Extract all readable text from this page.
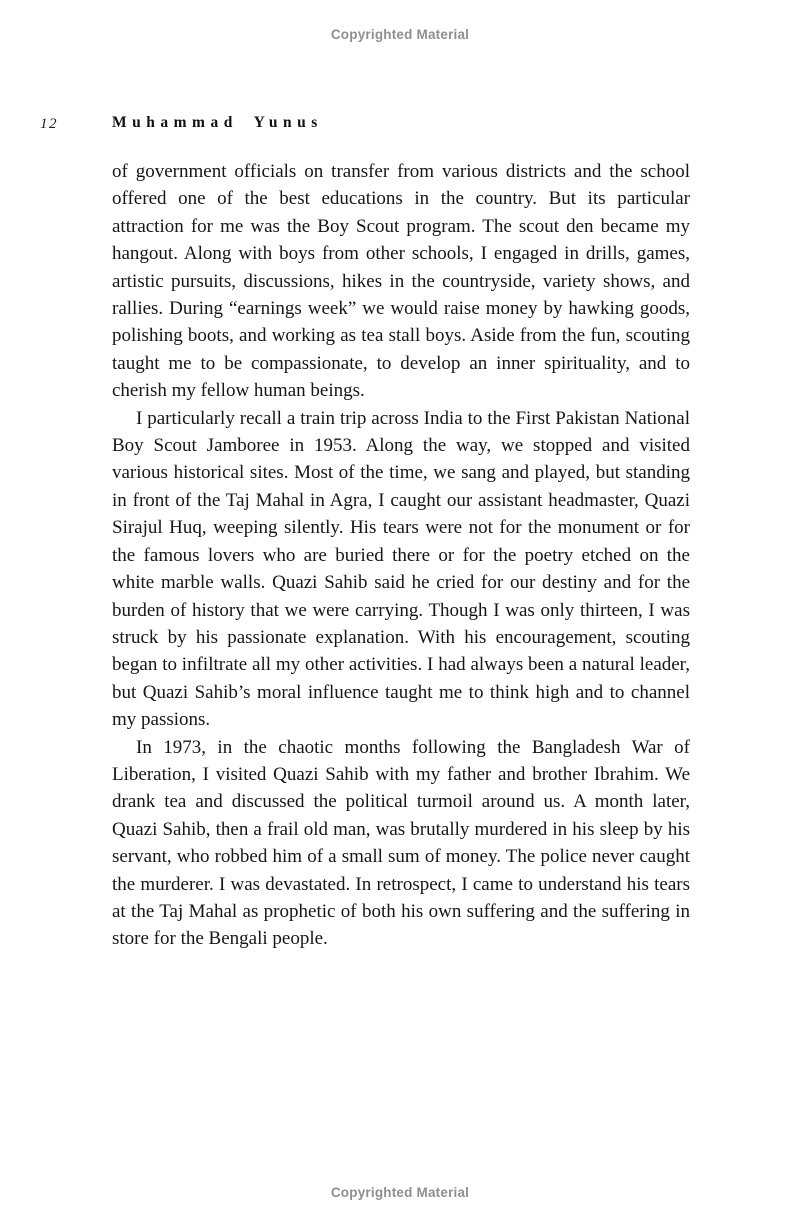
Copyrighted Material
12	Muhammad Yunus

of government officials on transfer from various districts and the school offered one of the best educations in the country. But its particular attraction for me was the Boy Scout program. The scout den became my hangout. Along with boys from other schools, I engaged in drills, games, artistic pursuits, discussions, hikes in the countryside, variety shows, and rallies. During “earnings week” we would raise money by hawking goods, polishing boots, and working as tea stall boys. Aside from the fun, scouting taught me to be compassionate, to develop an inner spirituality, and to cherish my fellow human beings.

I particularly recall a train trip across India to the First Pakistan National Boy Scout Jamboree in 1953. Along the way, we stopped and visited various historical sites. Most of the time, we sang and played, but standing in front of the Taj Mahal in Agra, I caught our assistant headmaster, Quazi Sirajul Huq, weeping silently. His tears were not for the monument or for the famous lovers who are buried there or for the poetry etched on the white marble walls. Quazi Sahib said he cried for our destiny and for the burden of history that we were carrying. Though I was only thirteen, I was struck by his passionate explanation. With his encouragement, scouting began to infiltrate all my other activities. I had always been a natural leader, but Quazi Sahib’s moral influence taught me to think high and to channel my passions.

In 1973, in the chaotic months following the Bangladesh War of Liberation, I visited Quazi Sahib with my father and brother Ibrahim. We drank tea and discussed the political turmoil around us. A month later, Quazi Sahib, then a frail old man, was brutally murdered in his sleep by his servant, who robbed him of a small sum of money. The police never caught the murderer. I was devastated. In retrospect, I came to understand his tears at the Taj Mahal as prophetic of both his own suffering and the suffering in store for the Bengali people.

Copyrighted Material
